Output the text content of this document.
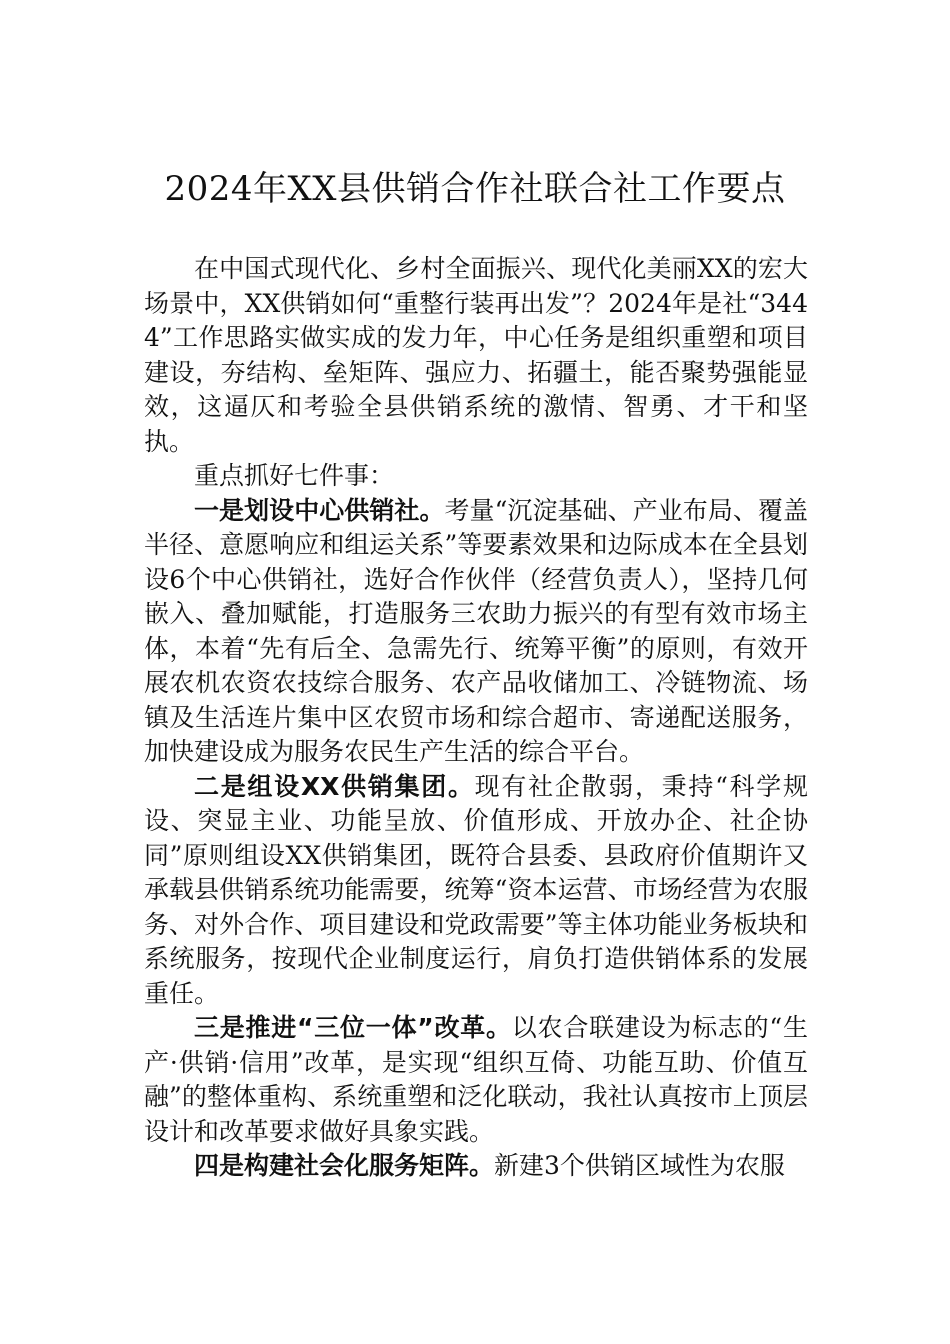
2024年XX县供销合作社联合社工作要点

在中国式现代化、乡村全面振兴、现代化美丽XX的宏大场景中，XX供销如何“重整行装再出发”？2024年是社“3444”工作思路实做实成的发力年，中心任务是组织重塑和项目建设，夯结构、垒矩阵、强应力、拓疆土，能否聚势强能显效，这逼仄和考验全县供销系统的激情、智勇、才干和坚执。

重点抓好七件事：

一是划设中心供销社。考量“沉淀基础、产业布局、覆盖半径、意愿响应和组运关系”等要素效果和边际成本在全县划设6个中心供销社，选好合作伙伴（经营负责人），坚持几何嵌入、叠加赋能，打造服务三农助力振兴的有型有效市场主体，本着“先有后全、急需先行、统筹平衡”的原则，有效开展农机农资农技综合服务、农产品收储加工、冷链物流、场镇及生活连片集中区农贸市场和综合超市、寄递配送服务，加快建设成为服务农民生产生活的综合平台。

二是组设XX供销集团。现有社企散弱，秉持“科学规设、突显主业、功能呈放、价值形成、开放办企、社企协同”原则组设XX供销集团，既符合县委、县政府价值期许又承载县供销系统功能需要，统筹“资本运营、市场经营为农服务、对外合作、项目建设和党政需要”等主体功能业务板块和系统服务，按现代企业制度运行，肩负打造供销体系的发展重任。

三是推进“三位一体”改革。以农合联建设为标志的“生产·供销·信用”改革，是实现“组织互倚、功能互助、价值互融”的整体重构、系统重塑和泛化联动，我社认真按市上顶层设计和改革要求做好具象实践。

四是构建社会化服务矩阵。新建3个供销区域性为农服
